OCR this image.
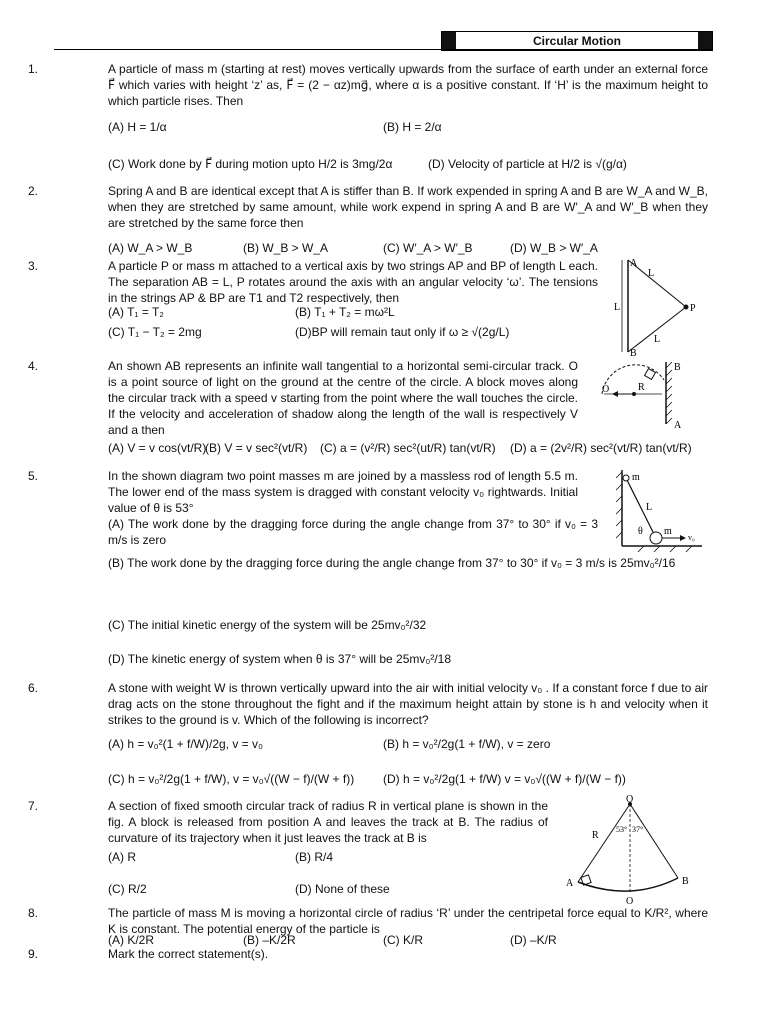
Circular Motion
1.	A particle of mass m (starting at rest) moves vertically upwards from the surface of earth under an external force F⃗ which varies with height ‘z’ as, F⃗ = (2 − αz)mg⃗, where α is a positive constant. If ‘H’ is the maximum height to which particle rises. Then
(A) H = 1/α	(B) H = 2/α
(C) Work done by F⃗ during motion upto H/2 is 3mg/2α	(D) Velocity of particle at H/2 is √(g/α)
2.	Spring A and B are identical except that A is stiffer than B. If work expended in spring A and B are W_A and W_B, when they are stretched by same amount, while work expend in spring A and B are W′_A and W′_B when they are stretched by the same force then
(A) W_A > W_B	(B) W_B > W_A	(C) W′_A > W′_B	(D) W_B > W′_A
3.	A particle P or mass m attached to a vertical axis by two strings AP and BP of length L each. The separation AB = L, P rotates around the axis with an angular velocity ‘ω’. The tensions in the strings AP & BP are T1 and T2 respectively, then
(A) T₁ = T₂	(B) T₁ + T₂ = mω²L
(C) T₁ − T₂ = 2mg	(D)BP will remain taut only if ω ≥ √(2g/L)
A
B
P
L
L
L
4.	An shown AB represents an infinite wall tangential to a horizontal semi-circular track. O is a point source of light on the ground at the centre of the circle. A block moves along the circular track with a speed v starting from the point where the wall touches the circle. If the velocity and acceleration of shadow along the length of the wall is respectively V and a then
(A) V = v cos(vt/R)
(B) V = v sec²(vt/R) (C) a = (v²/R) sec²(ut/R) tan(vt/R) (D) a = (2v²/R) sec²(vt/R) tan(vt/R)
O	R
B
A
5.	In the shown diagram two point masses m are joined by a massless rod of length 5.5 m. The lower end of the mass system is dragged with constant velocity v₀ rightwards. Initial value of θ is 53°
(A) The work done by the dragging force during the angle change from 37° to 30° if v₀ = 3 m/s is zero
(B) The work done by the dragging force during the angle change from 37° to 30° if v₀ = 3 m/s is 25mv₀²/16
(C) The initial kinetic energy of the system will be 25mv₀²/32
(D) The kinetic energy of system when θ is 37° will be 25mv₀²/18
m
L
θ m
v₀
6.	A stone with weight W is thrown vertically upward into the air with initial velocity v₀ . If a constant force f due to air drag acts on the stone throughout the fight and if the maximum height attain by stone is h and velocity when it strikes to the ground is v. Which of the following is incorrect?
(A) h = v₀²(1 + f/W)/2g, v = v₀	(B) h = v₀²/2g(1 + f/W), v = zero
(C) h = v₀²/2g(1 + f/W), v = v₀√((W − f)/(W + f)) (D) h = v₀²/2g(1 + f/W) v = v₀√((W + f)/(W − f))
7.	A section of fixed smooth circular track of radius R in vertical plane is shown in the fig. A block is released from position A and leaves the track at B. The radius of curvature of its trajectory when it just leaves the track at B is
(A) R	(B) R/4
(C) R/2	(D) None of these
O
R
53° 37°
A	B
O
8.	The particle of mass M is moving a horizontal circle of radius ‘R’ under the centripetal force equal to K/R², where K is constant. The potential energy of the particle is
(A) K/2R	(B) –K/2R	(C) K/R	(D) –K/R
9.	Mark the correct statement(s).
